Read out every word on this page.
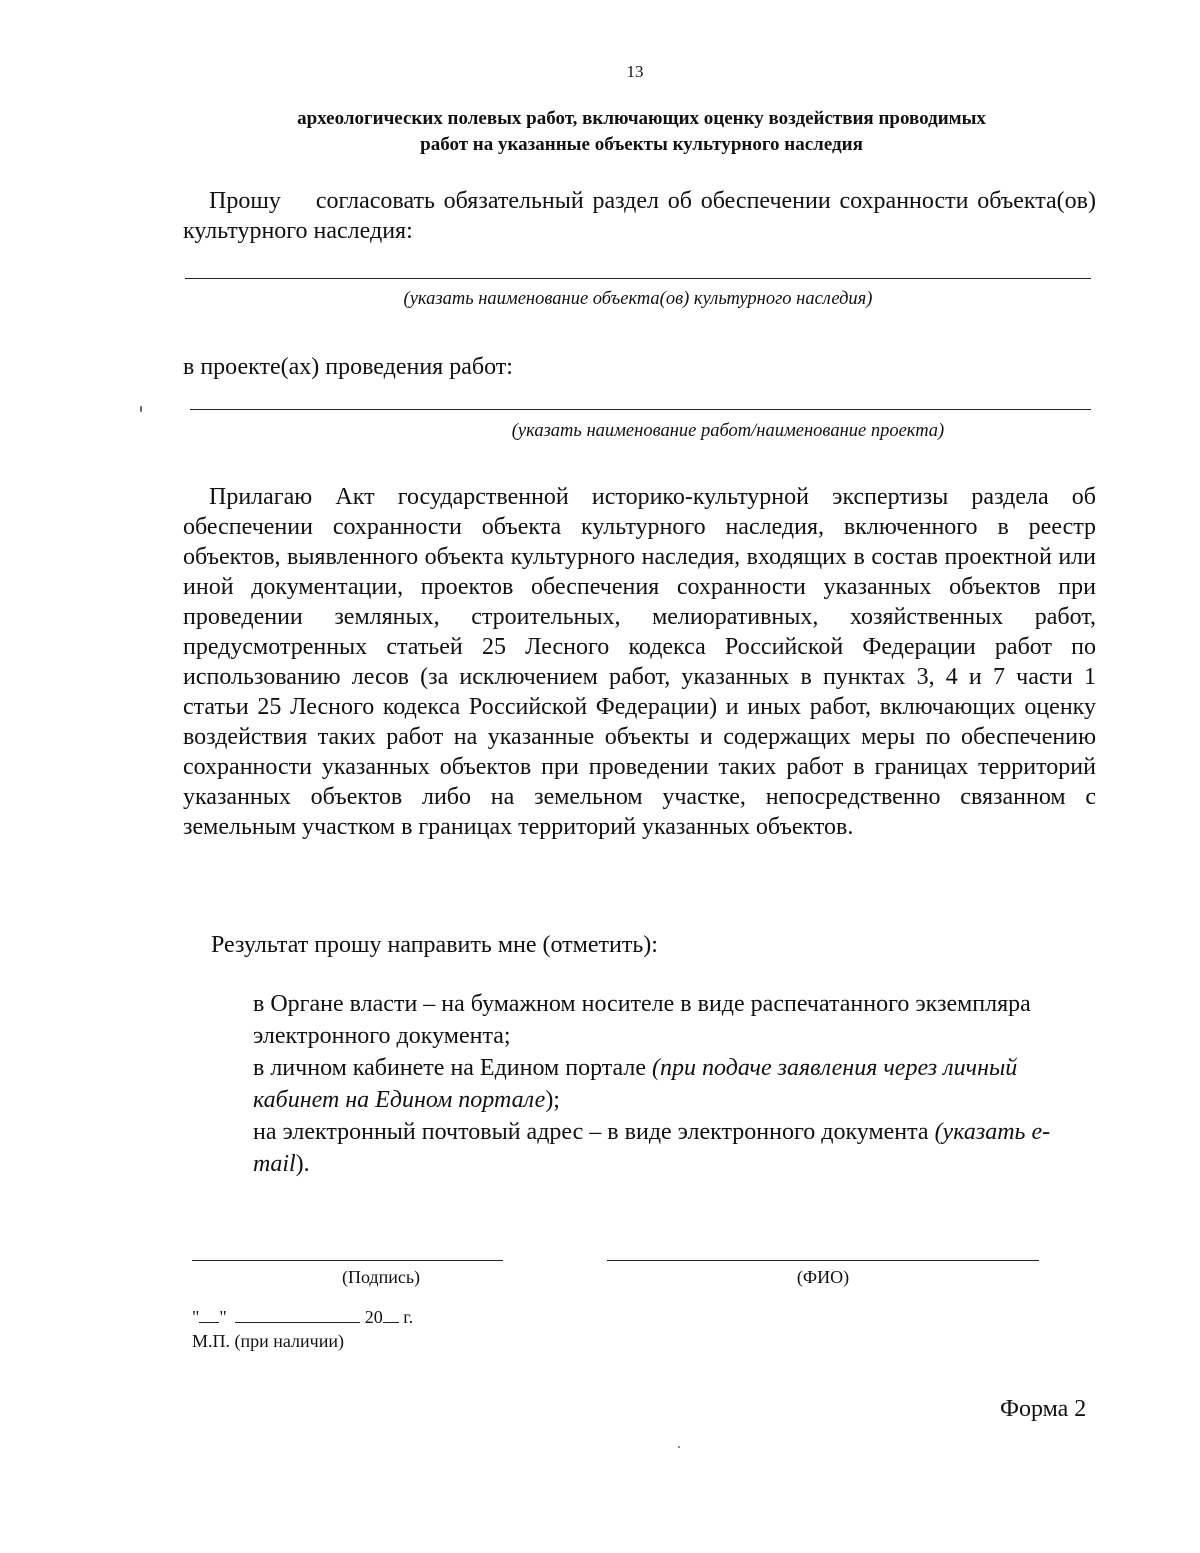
13
археологических полевых работ, включающих оценку воздействия проводимых
работ на указанные объекты культурного наследия
Прошу согласовать обязательный раздел об обеспечении сохранности объекта(ов) культурного наследия:
(указать наименование объекта(ов) культурного наследия)
в проекте(ах) проведения работ:
(указать наименование работ/наименование проекта)
Прилагаю Акт государственной историко-культурной экспертизы раздела об обеспечении сохранности объекта культурного наследия, включенного в реестр объектов, выявленного объекта культурного наследия, входящих в состав проектной или иной документации, проектов обеспечения сохранности указанных объектов при проведении земляных, строительных, мелиоративных, хозяйственных работ, предусмотренных статьей 25 Лесного кодекса Российской Федерации работ по использованию лесов (за исключением работ, указанных в пунктах 3, 4 и 7 части 1 статьи 25 Лесного кодекса Российской Федерации) и иных работ, включающих оценку воздействия таких работ на указанные объекты и содержащих меры по обеспечению сохранности указанных объектов при проведении таких работ в границах территорий указанных объектов либо на земельном участке, непосредственно связанном с земельным участком в границах территорий указанных объектов.
Результат прошу направить мне (отметить):
в Органе власти – на бумажном носителе в виде распечатанного экземпляра электронного документа;
в личном кабинете на Едином портале (при подаче заявления через личный кабинет на Едином портале);
на электронный почтовый адрес – в виде электронного документа (указать e-mail).
(Подпись)	(ФИО)
" "	20 г.
М.П. (при наличии)
Форма 2
